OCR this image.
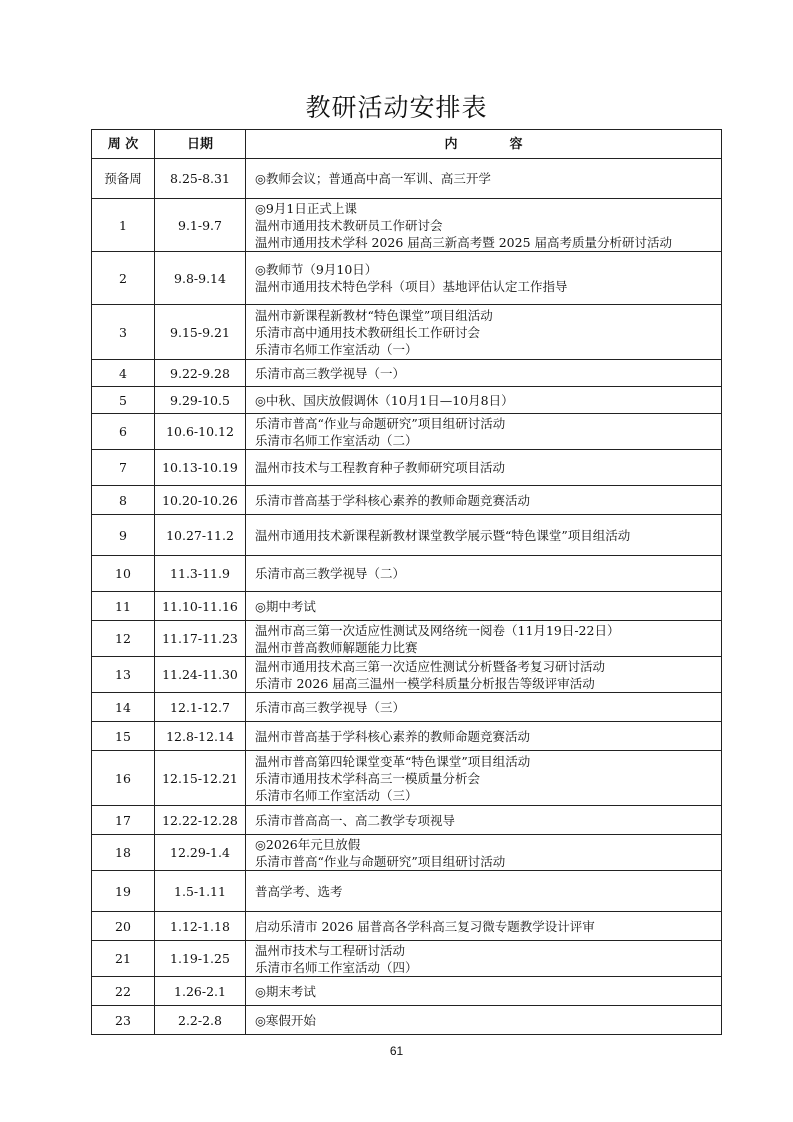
教研活动安排表
周 次	日期	内　　　　容
预备周	8.25-8.31	◎教师会议；普通高中高一军训、高三开学

1	9.1-9.7	◎9月1日正式上课
温州市通用技术教研员工作研讨会
温州市通用技术学科 2026 届高三新高考暨 2025 届高考质量分析研讨活动

2	9.8-9.14	◎教师节（9月10日）
温州市通用技术特色学科（项目）基地评估认定工作指导

3	9.15-9.21	温州市新课程新教材“特色课堂”项目组活动
乐清市高中通用技术教研组长工作研讨会
乐清市名师工作室活动（一）

4	9.22-9.28	乐清市高三教学视导（一）

5	9.29-10.5	◎中秋、国庆放假调休（10月1日—10月8日）

6	10.6-10.12	乐清市普高“作业与命题研究”项目组研讨活动
乐清市名师工作室活动（二）

7	10.13-10.19	温州市技术与工程教育种子教师研究项目活动

8	10.20-10.26	乐清市普高基于学科核心素养的教师命题竞赛活动

9	10.27-11.2	温州市通用技术新课程新教材课堂教学展示暨“特色课堂”项目组活动

10	11.3-11.9	乐清市高三教学视导（二）

11	11.10-11.16	◎期中考试

12	11.17-11.23	温州市高三第一次适应性测试及网络统一阅卷（11月19日-22日）
温州市普高教师解题能力比赛

13	11.24-11.30	温州市通用技术高三第一次适应性测试分析暨备考复习研讨活动
乐清市 2026 届高三温州一模学科质量分析报告等级评审活动

14	12.1-12.7	乐清市高三教学视导（三）

15	12.8-12.14	温州市普高基于学科核心素养的教师命题竞赛活动

16	12.15-12.21	温州市普高第四轮课堂变革“特色课堂”项目组活动
乐清市通用技术学科高三一模质量分析会
乐清市名师工作室活动（三）

17	12.22-12.28	乐清市普高高一、高二教学专项视导

18	12.29-1.4	◎2026年元旦放假
乐清市普高“作业与命题研究”项目组研讨活动

19	1.5-1.11	普高学考、选考

20	1.12-1.18	启动乐清市 2026 届普高各学科高三复习微专题教学设计评审

21	1.19-1.25	温州市技术与工程研讨活动
乐清市名师工作室活动（四）

22	1.26-2.1	◎期末考试

23	2.2-2.8	◎寒假开始
61
